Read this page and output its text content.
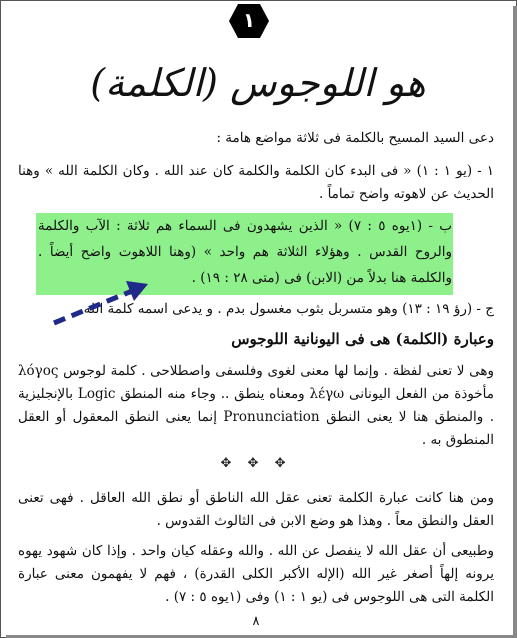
١
هو اللوجوس (الكلمة)
دعى السيد المسيح بالكلمة فى ثلاثة مواضع هامة :
١ - (يو ١ : ١) « فى البدء كان الكلمة والكلمة كان عند الله . وكان الكلمة الله » وهنا الحديث عن لاهوته واضح تماماً .
ب - (١يوه ٥ : ٧) « الذين يشهدون فى السماء هم ثلاثة : الآب والكلمة والروح القدس . وهؤلاء الثلاثة هم واحد » (وهنا اللاهوت واضح أيضاً . والكلمة هنا بدلاً من (الابن) فى (متى ٢٨ : ١٩) .
ج - (رؤ ١٩ : ١٣) وهو متسربل بثوب مغسول بدم . و يدعى اسمه كلمة الله .
وعبارة (الكلمة) هى فى اليونانية اللوجوس
وهى لا تعنى لفظة . وإنما لها معنى لغوى وفلسفى واصطلاحى . كلمة لوجوس λόγος مأخوذة من الفعل اليونانى λέγω ومعناه ينطق .. وجاء منه المنطق Logic بالإنجليزية . والمنطق هنا لا يعنى النطق Pronunciation إنما يعنى النطق المعقول أو العقل المنطوق به .
✥ ✥ ✥
ومن هنا كانت عبارة الكلمة تعنى عقل الله الناطق أو نطق الله العاقل . فهى تعنى العقل والنطق معاً . وهذا هو وضع الابن فى الثالوث القدوس .
وطبيعى أن عقل الله لا ينفصل عن الله . والله وعقله كيان واحد . وإذا كان شهود يهوه يرونه إلهاً أصغر غير الله (الإله الأكبر الكلى القدرة) ، فهم لا يفهمون معنى عبارة الكلمة التى هى اللوجوس فى (يو ١ : ١) وفى (١يوه ٥ : ٧) .
٨
